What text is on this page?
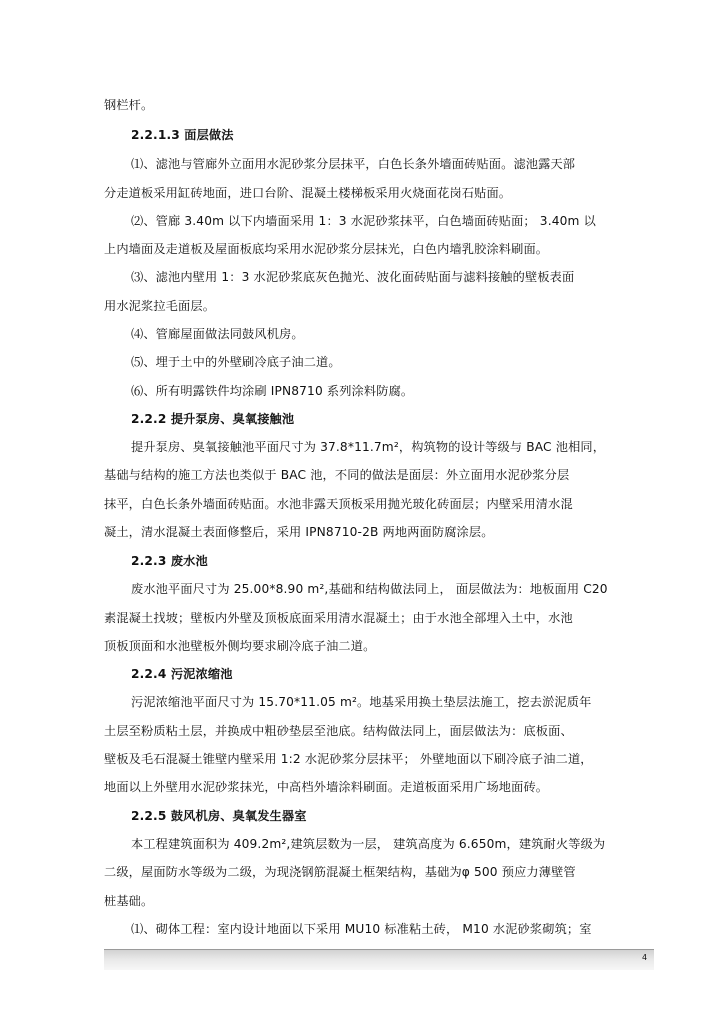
钢栏杆。
2.2.1.3 面层做法
⑴、滤池与管廊外立面用水泥砂浆分层抹平，白色长条外墙面砖贴面。滤池露天部
分走道板采用缸砖地面，进口台阶、混凝土楼梯板采用火烧面花岗石贴面。
⑵、管廊 3.40m 以下内墙面采用 1：3 水泥砂浆抹平，白色墙面砖贴面； 3.40m 以
上内墙面及走道板及屋面板底均采用水泥砂浆分层抹光，白色内墙乳胶涂料刷面。
⑶、滤池内壁用 1：3 水泥砂浆底灰色抛光、波化面砖贴面与滤料接触的壁板表面
用水泥浆拉毛面层。
⑷、管廊屋面做法同鼓风机房。
⑸、埋于土中的外壁刷冷底子油二道。
⑹、所有明露铁件均涂刷 IPN8710 系列涂料防腐。
2.2.2 提升泵房、臭氧接触池
提升泵房、臭氧接触池平面尺寸为 37.8*11.7m²，构筑物的设计等级与 BAC 池相同，
基础与结构的施工方法也类似于 BAC 池，不同的做法是面层：外立面用水泥砂浆分层
抹平，白色长条外墙面砖贴面。水池非露天顶板采用抛光玻化砖面层；内壁采用清水混
凝土，清水混凝土表面修整后，采用 IPN8710-2B 两地两面防腐涂层。
2.2.3 废水池
废水池平面尺寸为 25.00*8.90 m²,基础和结构做法同上， 面层做法为：地板面用 C20
素混凝土找坡；壁板内外壁及顶板底面采用清水混凝土；由于水池全部埋入土中，水池
顶板顶面和水池壁板外侧均要求刷冷底子油二道。
2.2.4 污泥浓缩池
污泥浓缩池平面尺寸为 15.70*11.05 m²。地基采用换土垫层法施工，挖去淤泥质年
土层至粉质粘土层，并换成中粗砂垫层至池底。结构做法同上，面层做法为：底板面、
壁板及毛石混凝土锥壁内壁采用 1:2 水泥砂浆分层抹平； 外壁地面以下刷冷底子油二道，
地面以上外壁用水泥砂浆抹光，中高档外墙涂料刷面。走道板面采用广场地面砖。
2.2.5 鼓风机房、臭氧发生器室
本工程建筑面积为 409.2m²,建筑层数为一层， 建筑高度为 6.650m，建筑耐火等级为
二级，屋面防水等级为二级，为现浇钢筋混凝土框架结构，基础为φ 500 预应力薄壁管
桩基础。
⑴、砌体工程：室内设计地面以下采用 MU10 标准粘土砖， M10 水泥砂浆砌筑；室
4
